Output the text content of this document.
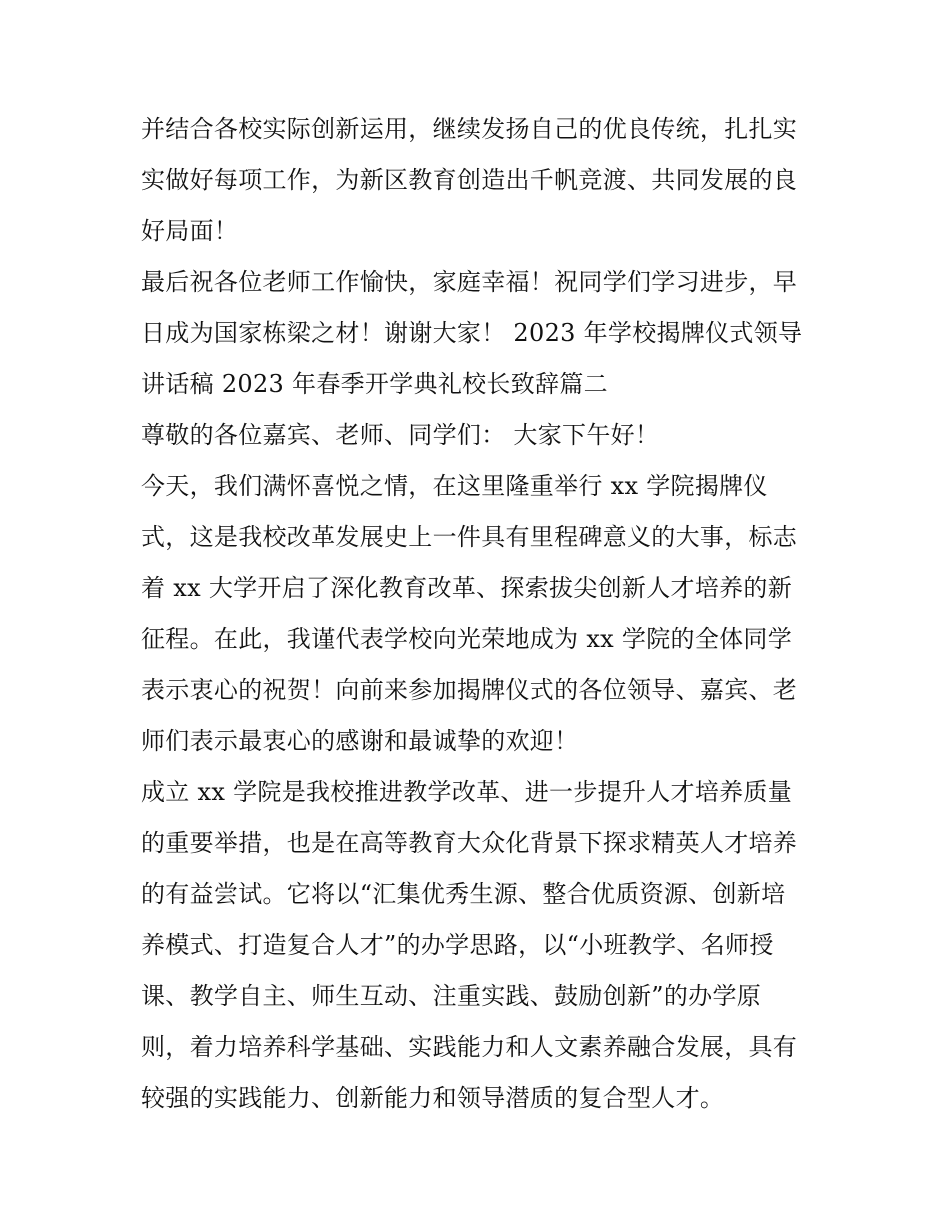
并结合各校实际创新运用，继续发扬自己的优良传统，扎扎实
实做好每项工作，为新区教育创造出千帆竞渡、共同发展的良
好局面！
最后祝各位老师工作愉快，家庭幸福！祝同学们学习进步，早
日成为国家栋梁之材！谢谢大家！ 2023 年学校揭牌仪式领导
讲话稿 2023 年春季开学典礼校长致辞篇二
尊敬的各位嘉宾、老师、同学们： 大家下午好！
今天，我们满怀喜悦之情，在这里隆重举行 xx 学院揭牌仪
式，这是我校改革发展史上一件具有里程碑意义的大事，标志
着 xx 大学开启了深化教育改革、探索拔尖创新人才培养的新
征程。在此，我谨代表学校向光荣地成为 xx 学院的全体同学
表示衷心的祝贺！向前来参加揭牌仪式的各位领导、嘉宾、老
师们表示最衷心的感谢和最诚挚的欢迎！
成立 xx 学院是我校推进教学改革、进一步提升人才培养质量
的重要举措，也是在高等教育大众化背景下探求精英人才培养
的有益尝试。它将以“汇集优秀生源、整合优质资源、创新培
养模式、打造复合人才”的办学思路，以“小班教学、名师授
课、教学自主、师生互动、注重实践、鼓励创新”的办学原
则，着力培养科学基础、实践能力和人文素养融合发展，具有
较强的实践能力、创新能力和领导潜质的复合型人才。
